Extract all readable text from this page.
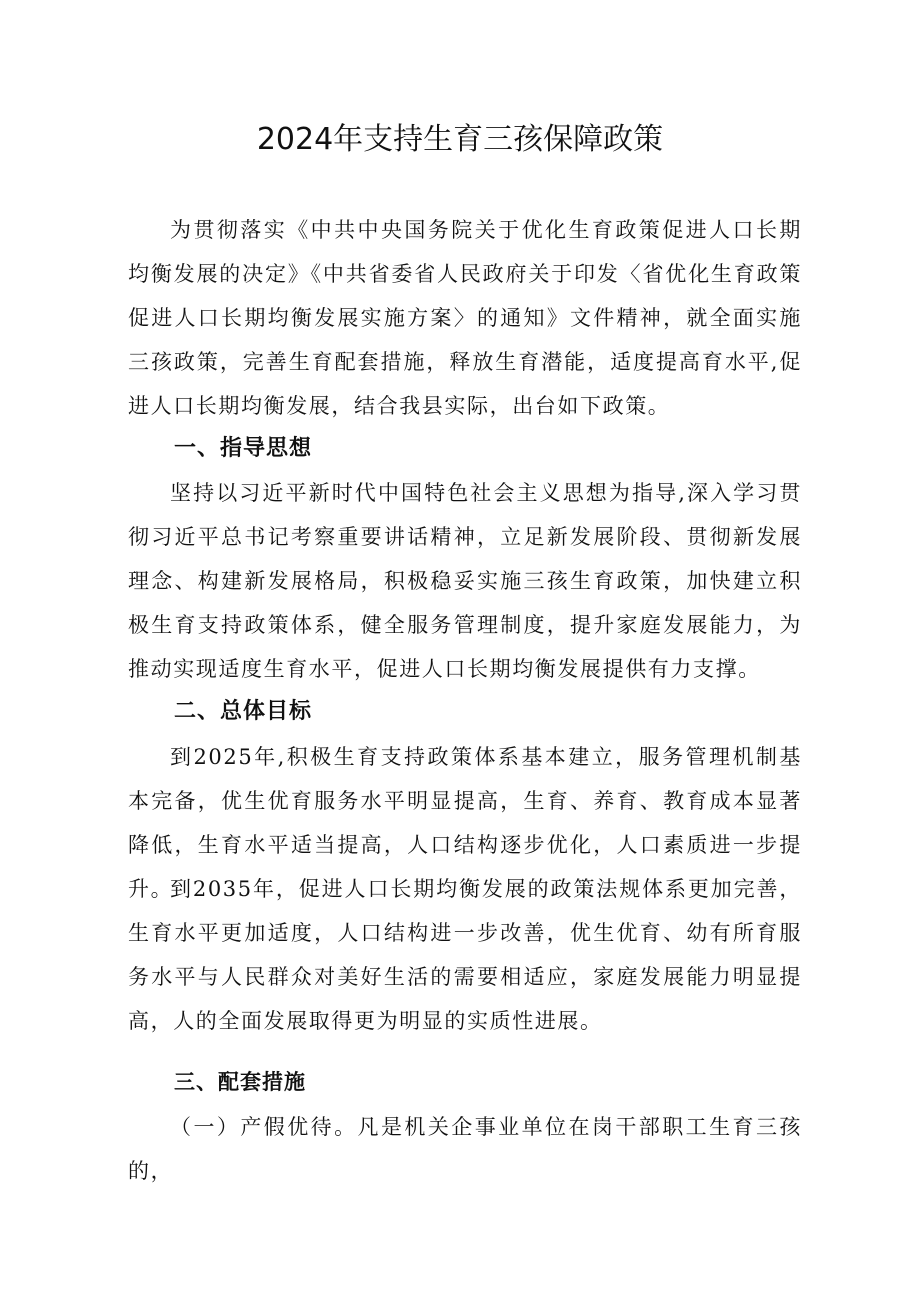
2024年支持生育三孩保障政策

为贯彻落实《中共中央国务院关于优化生育政策促进人口长期均衡发展的决定》《中共省委省人民政府关于印发〈省优化生育政策促进人口长期均衡发展实施方案〉的通知》文件精神，就全面实施三孩政策，完善生育配套措施，释放生育潜能，适度提高育水平,促进人口长期均衡发展，结合我县实际，出台如下政策。

一、指导思想

坚持以习近平新时代中国特色社会主义思想为指导,深入学习贯彻习近平总书记考察重要讲话精神，立足新发展阶段、贯彻新发展理念、构建新发展格局，积极稳妥实施三孩生育政策，加快建立积极生育支持政策体系，健全服务管理制度，提升家庭发展能力，为推动实现适度生育水平，促进人口长期均衡发展提供有力支撑。

二、总体目标

到2025年,积极生育支持政策体系基本建立，服务管理机制基本完备，优生优育服务水平明显提高，生育、养育、教育成本显著降低，生育水平适当提高，人口结构逐步优化，人口素质进一步提升。

到2035年，促进人口长期均衡发展的政策法规体系更加完善，生育水平更加适度，人口结构进一步改善，优生优育、幼有所育服务水平与人民群众对美好生活的需要相适应，家庭发展能力明显提高，人的全面发展取得更为明显的实质性进展。

三、配套措施

（一）产假优待。凡是机关企事业单位在岗干部职工生育三孩的，
